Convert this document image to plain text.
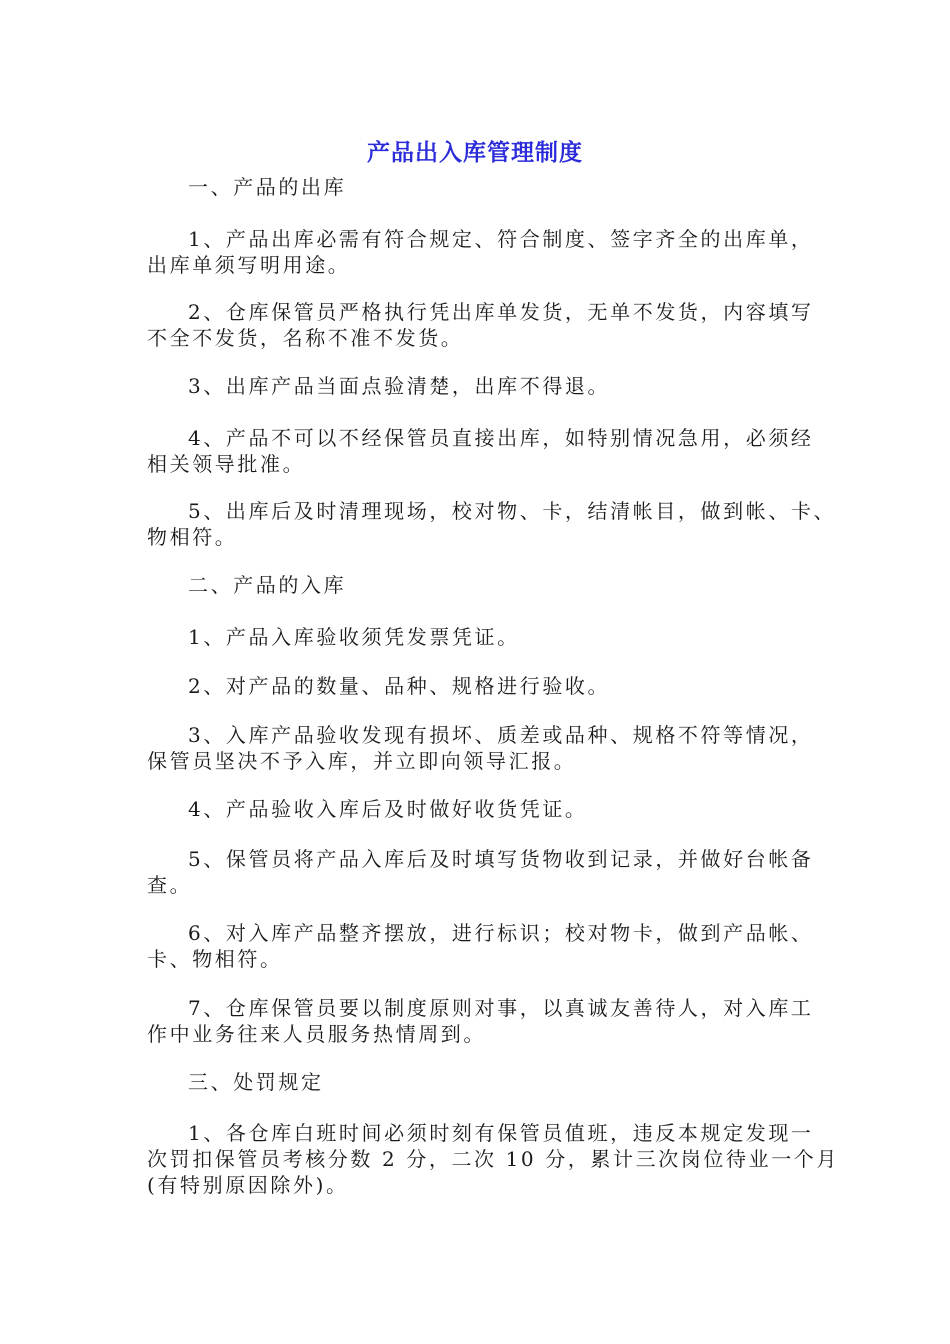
产品出入库管理制度
一、产品的出库
1、产品出库必需有符合规定、符合制度、签字齐全的出库单，
出库单须写明用途。
2、仓库保管员严格执行凭出库单发货，无单不发货，内容填写
不全不发货，名称不准不发货。
3、出库产品当面点验清楚，出库不得退。
4、产品不可以不经保管员直接出库，如特别情况急用，必须经
相关领导批准。
5、出库后及时清理现场，校对物、卡，结清帐目，做到帐、卡、
物相符。
二、产品的入库
1、产品入库验收须凭发票凭证。
2、对产品的数量、品种、规格进行验收。
3、入库产品验收发现有损坏、质差或品种、规格不符等情况，
保管员坚决不予入库，并立即向领导汇报。
4、产品验收入库后及时做好收货凭证。
5、保管员将产品入库后及时填写货物收到记录，并做好台帐备
查。
6、对入库产品整齐摆放，进行标识；校对物卡，做到产品帐、
卡、物相符。
7、仓库保管员要以制度原则对事，以真诚友善待人，对入库工
作中业务往来人员服务热情周到。
三、处罚规定
1、各仓库白班时间必须时刻有保管员值班，违反本规定发现一
次罚扣保管员考核分数 2 分，二次 10 分，累计三次岗位待业一个月
(有特别原因除外)。
